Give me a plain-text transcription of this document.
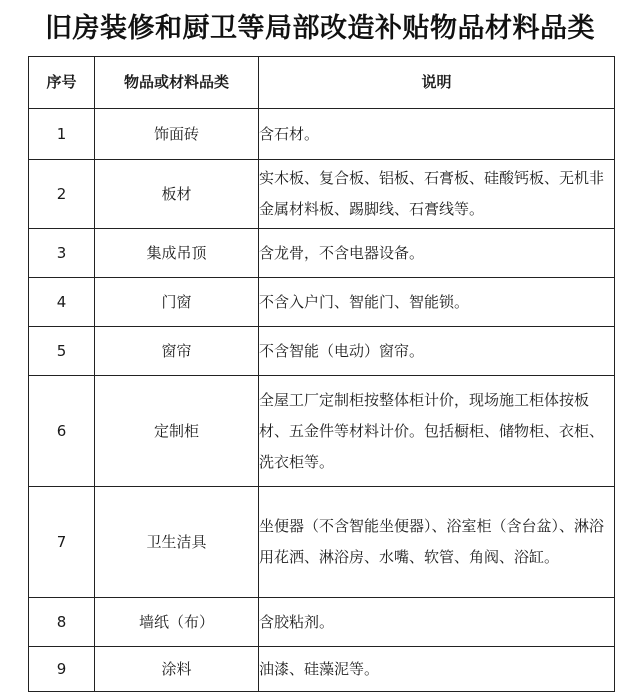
旧房装修和厨卫等局部改造补贴物品材料品类
序号	物品或材料品类	说明
1	饰面砖	含石材。
2	板材	实木板、复合板、铝板、石膏板、硅酸钙板、无机非金属材料板、踢脚线、石膏线等。
3	集成吊顶	含龙骨，不含电器设备。
4	门窗	不含入户门、智能门、智能锁。
5	窗帘	不含智能（电动）窗帘。
6	定制柜	全屋工厂定制柜按整体柜计价，现场施工柜体按板材、五金件等材料计价。包括橱柜、储物柜、衣柜、洗衣柜等。
7	卫生洁具	坐便器（不含智能坐便器）、浴室柜（含台盆）、淋浴用花洒、淋浴房、水嘴、软管、角阀、浴缸。
8	墙纸（布）	含胶粘剂。
9	涂料	油漆、硅藻泥等。
